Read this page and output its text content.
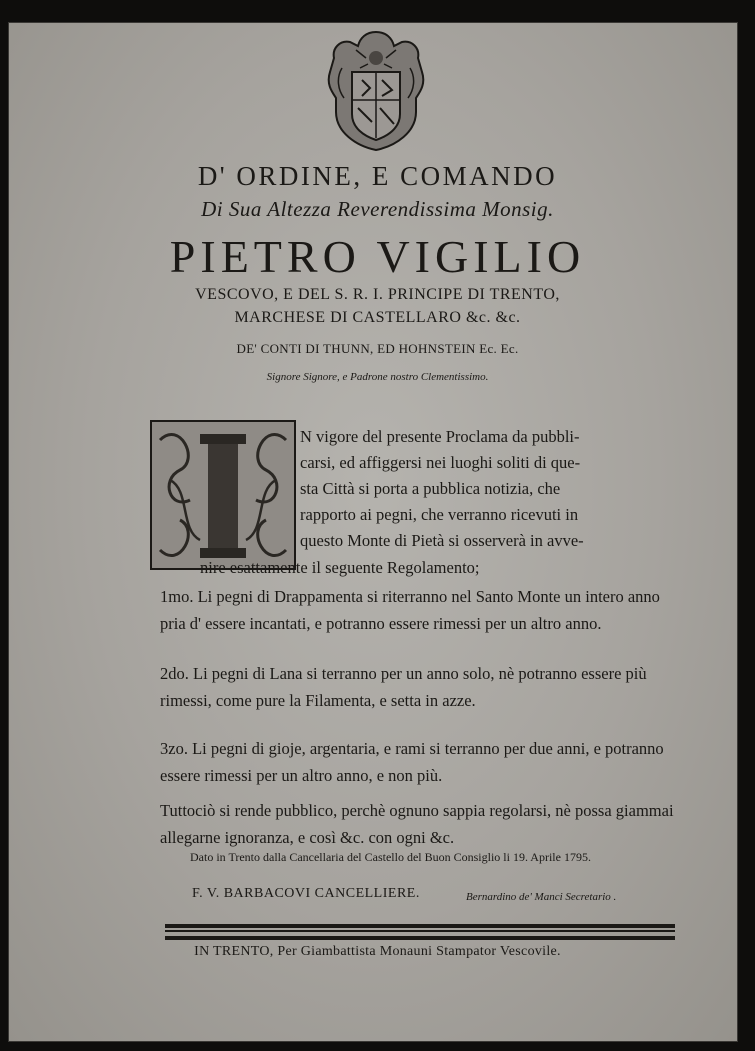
D' ORDINE, E COMANDO
Di Sua Altezza Reverendissima Monsig.
PIETRO VIGILIO
VESCOVO, E DEL S. R. I. PRINCIPE DI TRENTO,
MARCHESE DI CASTELLARO &c. &c.
DE' CONTI DI THUNN, ED HOHNSTEIN Ec. Ec.
Signore Signore, e Padrone nostro Clementissimo.
N vigore del presente Proclama da pubbli-
carsi, ed affiggersi nei luoghi soliti di que-
sta Città si porta a pubblica notizia, che
rapporto ai pegni, che verranno ricevuti in
questo Monte di Pietà si osserverà in avve-
nire esattamente il seguente Regolamento;
1mo. Li pegni di Drappamenta si riterranno nel Santo Monte un intero anno pria d' essere incantati, e potranno essere rimessi per un altro anno.
2do. Li pegni di Lana si terranno per un anno solo, nè potranno essere più rimessi, come pure la Filamenta, e setta in azze.
3zo. Li pegni di gioje, argentaria, e rami si terranno per due anni, e potranno essere rimessi per un altro anno, e non più.
Tuttociò si rende pubblico, perchè ognuno sappia regolarsi, nè possa giammai allegarne ignoranza, e così &c. con ogni &c.
Dato in Trento dalla Cancellaria del Castello del Buon Consiglio li 19. Aprile 1795.
F. V. BARBACOVI CANCELLIERE.	Bernardino de' Manci Secretario .
IN TRENTO, Per Giambattista Monauni Stampator Vescovile.
